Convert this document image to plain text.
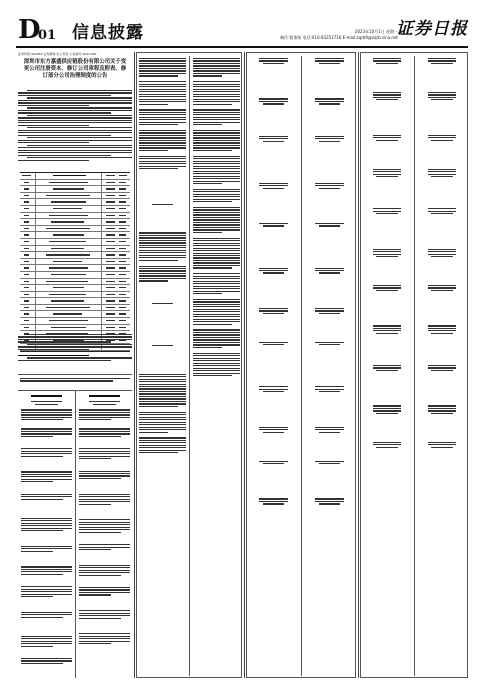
D
01 信息披露	2023年10月1日 星期一
制作:曹秉琛 电话:010-83251716 E-mail:zqrb9@zqrb.sina.net
证券日报
证券代码:300353 证券简称:东土科技 公告编号:2023-061
深圳市东方嘉盛供应链股份有限公司关于变更公司注册资本、修订公司章程及附表、修订部分公司治理制度的公告
